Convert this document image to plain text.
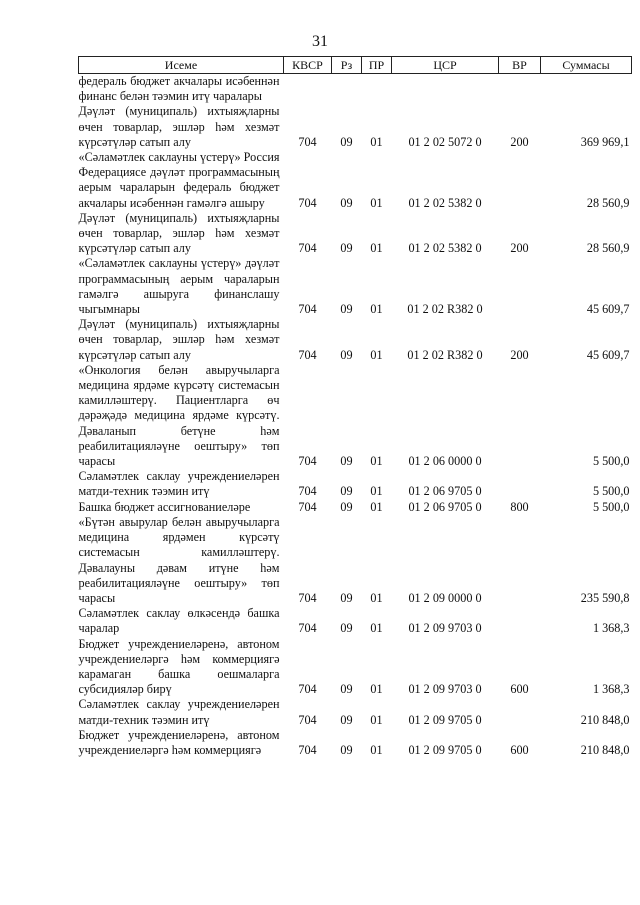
31
Исеме	КВСР	Рз	ПР	ЦСР	ВР	Суммасы
федераль бюджет акчалары исәбеннән финанс белән тәэмин итү чаралары						
Дәүләт (муниципаль) ихтыяҗларны өчен товарлар, эшләр һәм хезмәт күрсәтүләр сатып алу	704	09	01	01 2 02 5072 0	200	369 969,1
«Сәламәтлек саклауны үстерү» Россия Федерациясе дәүләт программасының аерым чараларын федераль бюджет акчалары исәбеннән гамәлгә ашыру	704	09	01	01 2 02 5382 0		28 560,9
Дәүләт (муниципаль) ихтыяҗларны өчен товарлар, эшләр һәм хезмәт күрсәтүләр сатып алу	704	09	01	01 2 02 5382 0	200	28 560,9
«Сәламәтлек саклауны үстерү» дәүләт программасының аерым чараларын гамәлгә ашыруга финанслашу чыгымнары	704	09	01	01 2 02 R382 0		45 609,7
Дәүләт (муниципаль) ихтыяҗларны өчен товарлар, эшләр һәм хезмәт күрсәтүләр сатып алу	704	09	01	01 2 02 R382 0	200	45 609,7
«Онкология белән авыручыларга медицина ярдәме күрсәтү системасын камилләштерү. Пациентларга өч дәрәҗәдә медицина ярдәме күрсәтү. Дәваланып бетүне һәм реабилитацияләүне оештыру» төп чарасы	704	09	01	01 2 06 0000 0		5 500,0
Сәламәтлек саклау учреждениеләрен матди-техник тәэмин итү	704	09	01	01 2 06 9705 0		5 500,0
Башка бюджет ассигнованиеләре	704	09	01	01 2 06 9705 0	800	5 500,0
«Бүтән авырулар белән авыручыларга медицина ярдәмен күрсәтү системасын камилләштерү. Дәвалауны дәвам итүне һәм реабилитацияләүне оештыру» төп чарасы	704	09	01	01 2 09 0000 0		235 590,8
Сәламәтлек саклау өлкәсендә башка чаралар	704	09	01	01 2 09 9703 0		1 368,3
Бюджет учреждениеләренә, автоном учреждениеләргә һәм коммерциягә карамаган башка оешмаларга субсидияләр бирү	704	09	01	01 2 09 9703 0	600	1 368,3
Сәламәтлек саклау учреждениеләрен матди-техник тәэмин итү	704	09	01	01 2 09 9705 0		210 848,0
Бюджет учреждениеләренә, автоном учреждениеләргә һәм коммерциягә	704	09	01	01 2 09 9705 0	600	210 848,0
